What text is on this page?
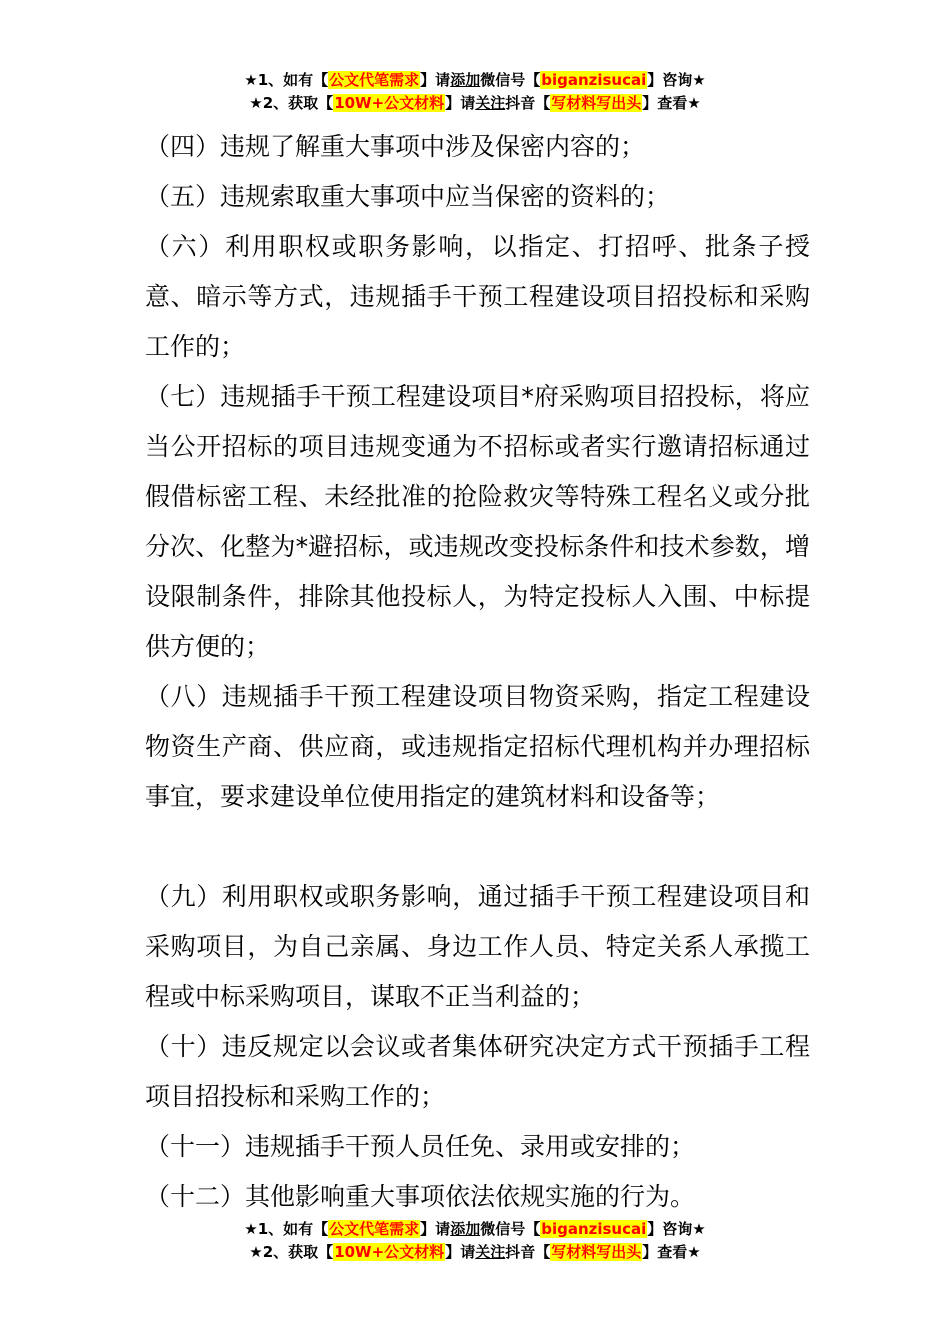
★1、如有【公文代笔需求】请添加微信号【biganzisucai】咨询★
★2、获取【10W+公文材料】请关注抖音【写材料写出头】查看★

（四）违规了解重大事项中涉及保密内容的；

（五）违规索取重大事项中应当保密的资料的；

（六）利用职权或职务影响，以指定、打招呼、批条子授意、暗示等方式，违规插手干预工程建设项目招投标和采购工作的；

（七）违规插手干预工程建设项目*府采购项目招投标，将应当公开招标的项目违规变通为不招标或者实行邀请招标通过假借标密工程、未经批准的抢险救灾等特殊工程名义或分批分次、化整为*避招标，或违规改变投标条件和技术参数，增设限制条件，排除其他投标人，为特定投标人入围、中标提供方便的；

（八）违规插手干预工程建设项目物资采购，指定工程建设物资生产商、供应商，或违规指定招标代理机构并办理招标事宜，要求建设单位使用指定的建筑材料和设备等；

（九）利用职权或职务影响，通过插手干预工程建设项目和采购项目，为自己亲属、身边工作人员、特定关系人承揽工程或中标采购项目，谋取不正当利益的；

（十）违反规定以会议或者集体研究决定方式干预插手工程项目招投标和采购工作的；

（十一）违规插手干预人员任免、录用或安排的；

（十二）其他影响重大事项依法依规实施的行为。

★1、如有【公文代笔需求】请添加微信号【biganzisucai】咨询★
★2、获取【10W+公文材料】请关注抖音【写材料写出头】查看★
